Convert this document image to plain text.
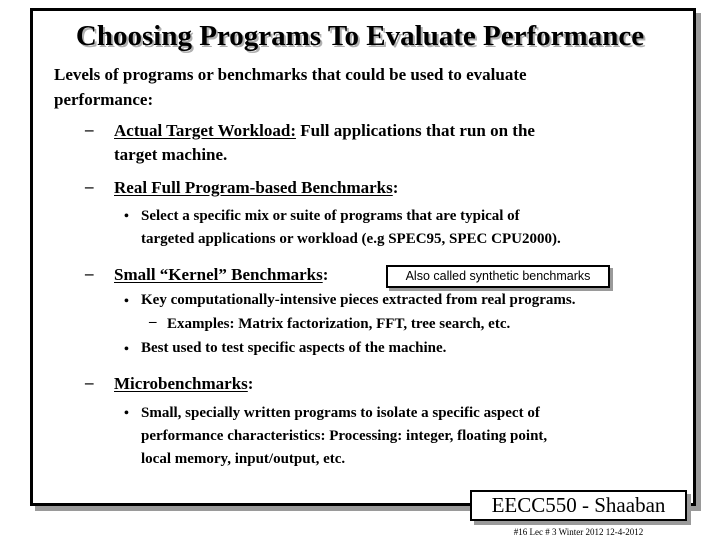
Choosing Programs To Evaluate Performance
Levels of programs or benchmarks that could be used to evaluate
performance:
– Actual Target Workload: Full applications that run on the
target machine.
– Real Full Program-based Benchmarks:
• Select a specific mix or suite of programs that are typical of
targeted applications or workload (e.g SPEC95, SPEC CPU2000).
– Small “Kernel” Benchmarks:	Also called synthetic benchmarks
• Key computationally-intensive pieces extracted from real programs.
– Examples: Matrix factorization, FFT, tree search, etc.
• Best used to test specific aspects of the machine.
– Microbenchmarks:
• Small, specially written programs to isolate a specific aspect of
performance characteristics: Processing: integer, floating point,
local memory, input/output, etc.
EECC550 - Shaaban
#16 Lec # 3 Winter 2012 12-4-2012
